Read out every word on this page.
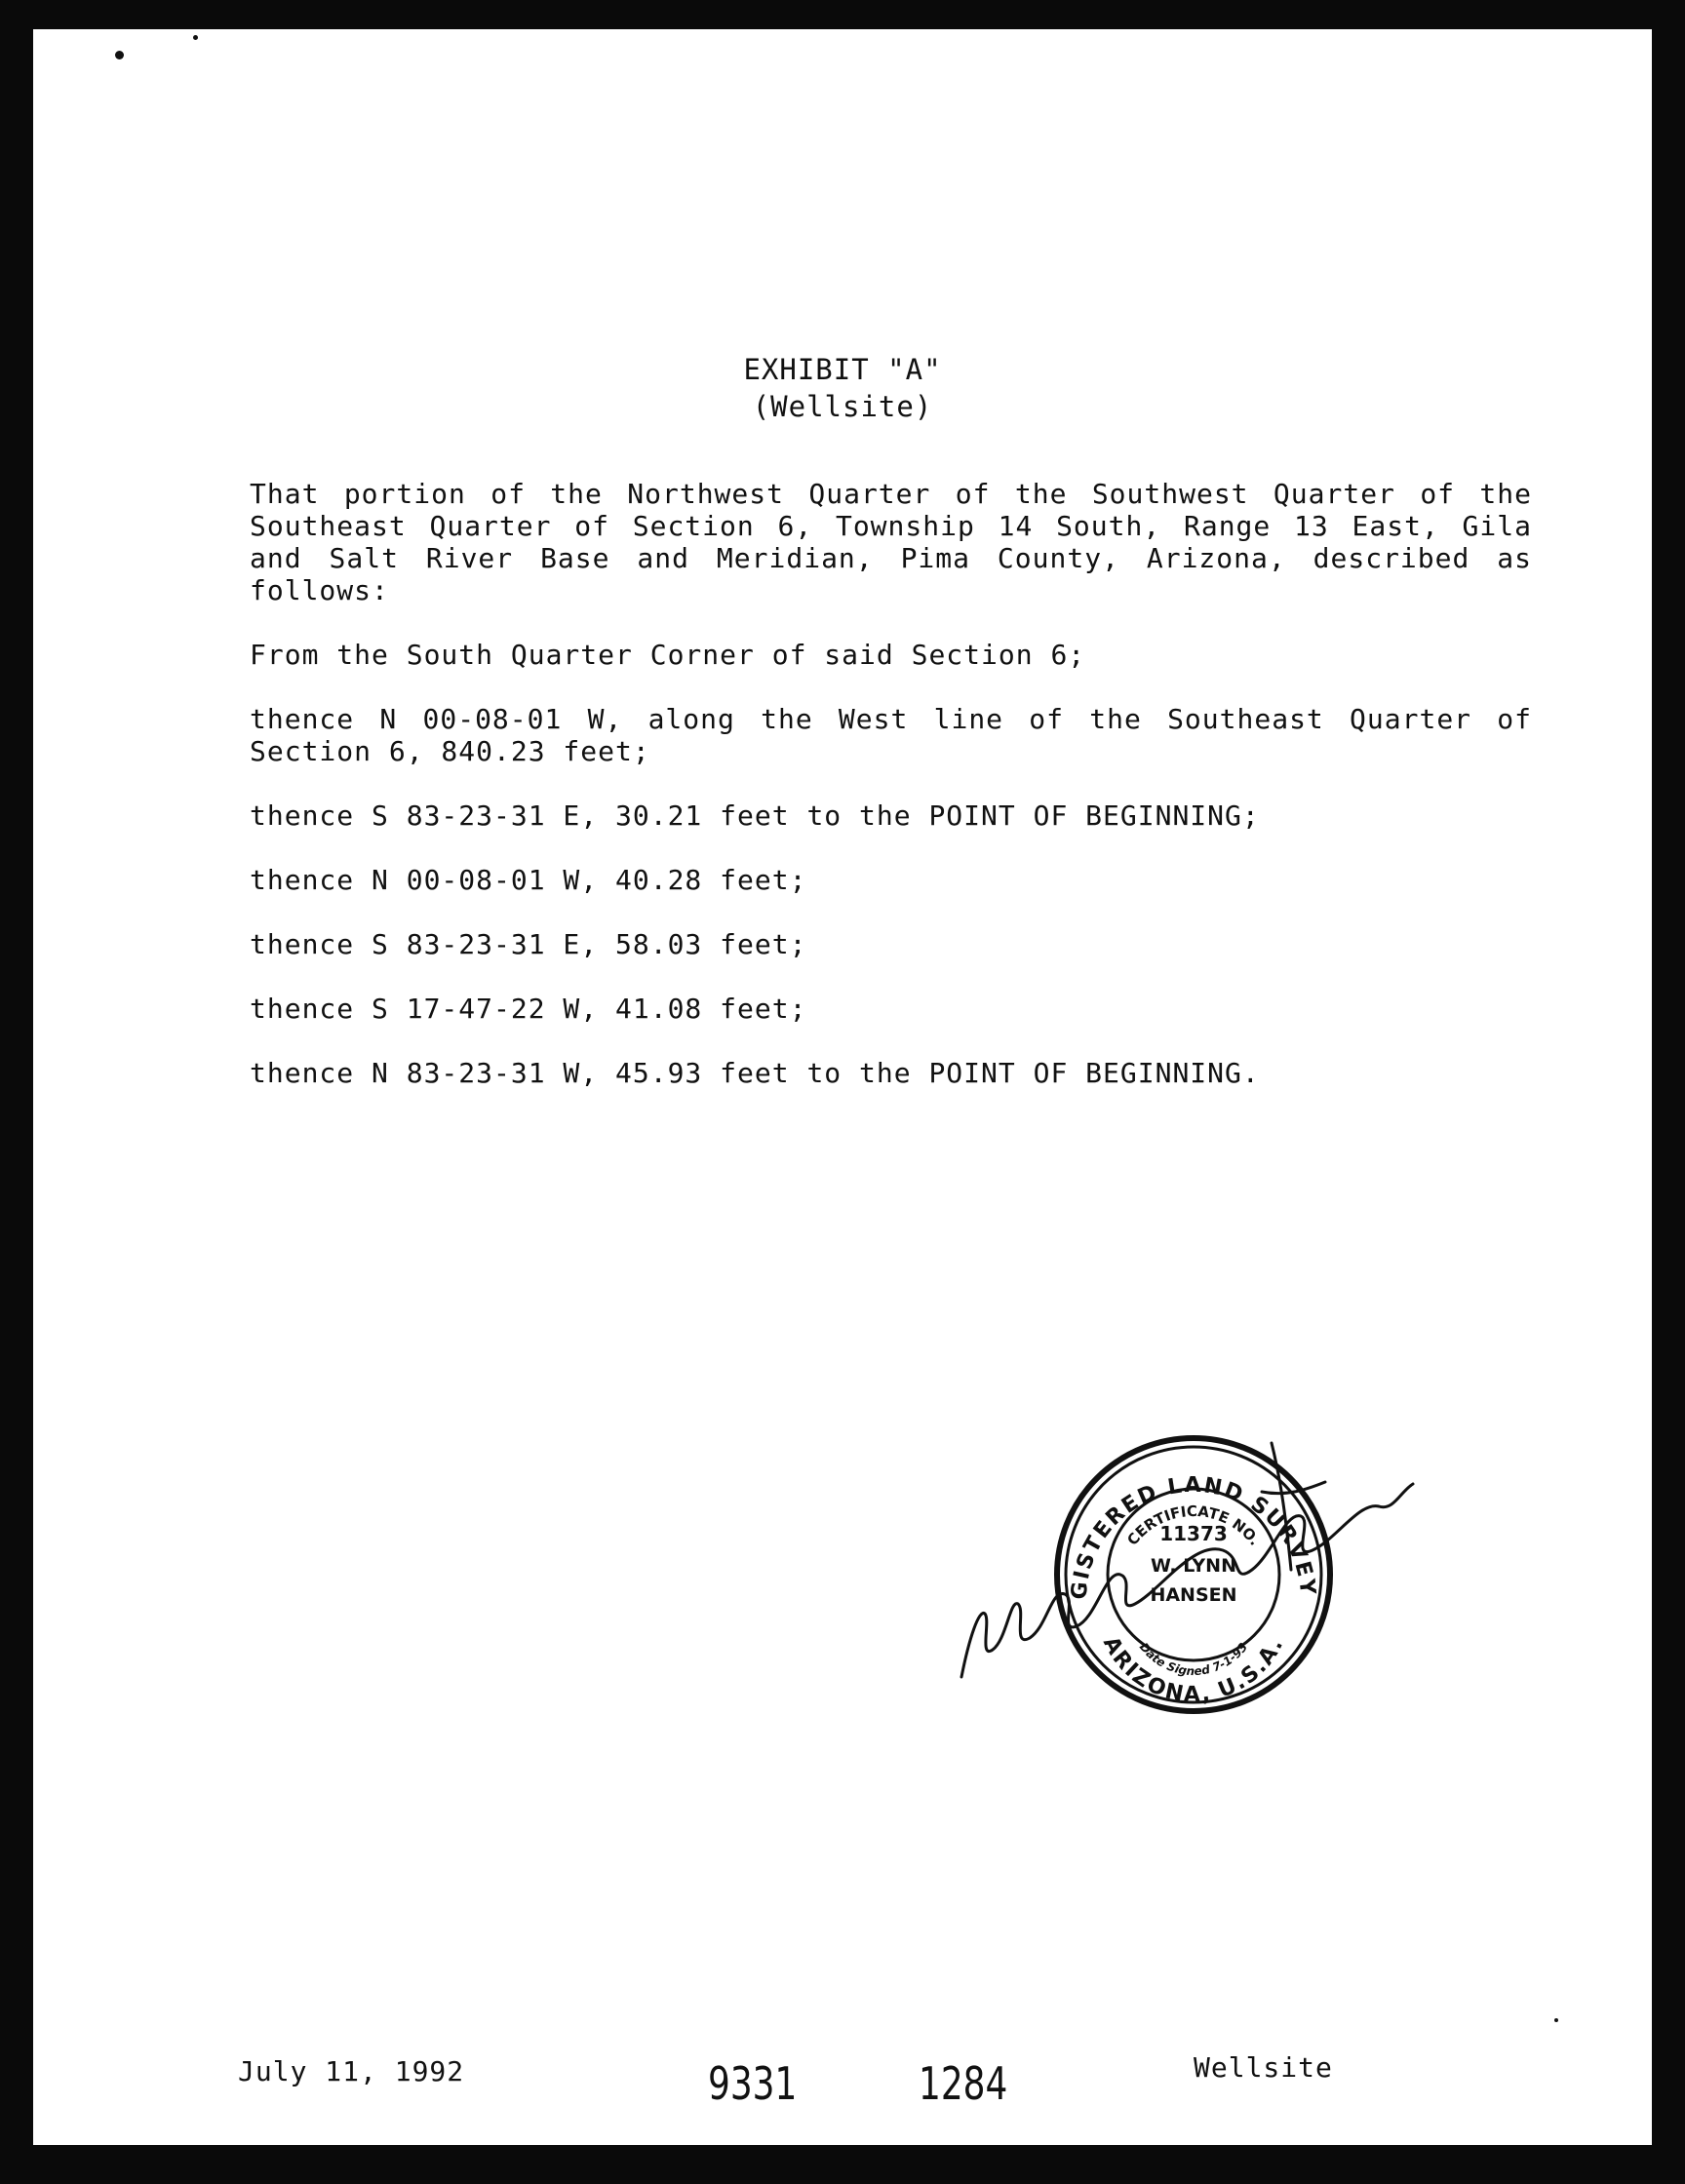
EXHIBIT "A"
(Wellsite)

That portion of the Northwest Quarter of the Southwest Quarter of the Southeast Quarter of Section 6, Township 14 South, Range 13 East, Gila and Salt River Base and Meridian, Pima County, Arizona, described as follows:

From the South Quarter Corner of said Section 6;

thence N 00-08-01 W, along the West line of the Southeast Quarter of Section 6, 840.23 feet;

thence S 83-23-31 E, 30.21 feet to the POINT OF BEGINNING;

thence N 00-08-01 W, 40.28 feet;

thence S 83-23-31 E, 58.03 feet;

thence S 17-47-22 W, 41.08 feet;

thence N 83-23-31 W, 45.93 feet to the POINT OF BEGINNING.

GISTERED LAND SURVEY
CERTIFICATE NO.
ARIZONA, U.S.A.
Date Signed 7-1-93
11373
W. LYNN
HANSEN
July 11, 1992	9331	1284	Wellsite
